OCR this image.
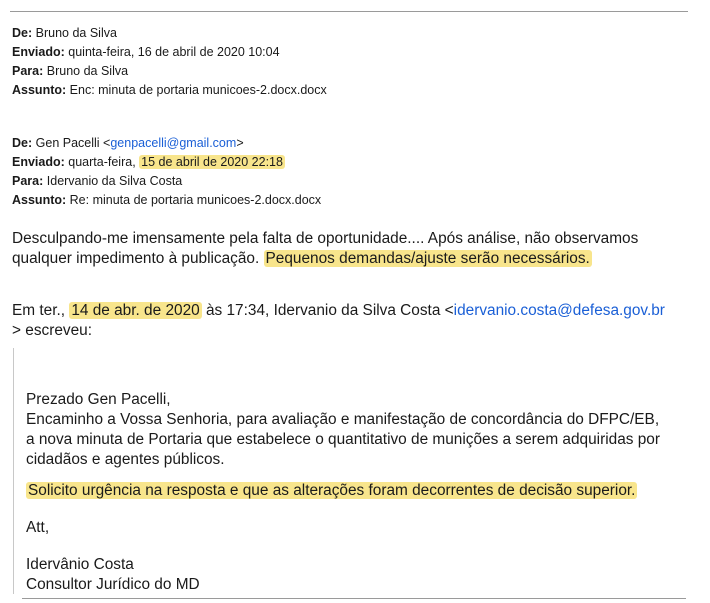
De: Bruno da Silva
Enviado: quinta-feira, 16 de abril de 2020 10:04
Para: Bruno da Silva
Assunto: Enc: minuta de portaria municoes-2.docx.docx
De: Gen Pacelli <genpacelli@gmail.com>
Enviado: quarta-feira, 15 de abril de 2020 22:18
Para: Idervanio da Silva Costa
Assunto: Re: minuta de portaria municoes-2.docx.docx
Desculpando-me imensamente pela falta de oportunidade.... Após análise, não observamos
qualquer impedimento à publicação. Pequenos demandas/ajuste serão necessários.
Em ter., 14 de abr. de 2020 às 17:34, Idervanio da Silva Costa <idervanio.costa@defesa.gov.br
> escreveu:
Prezado Gen Pacelli,
Encaminho a Vossa Senhoria, para avaliação e manifestação de concordância do DFPC/EB,
a nova minuta de Portaria que estabelece o quantitativo de munições a serem adquiridas por
cidadãos e agentes públicos.
Solicito urgência na resposta e que as alterações foram decorrentes de decisão superior.
Att,
Idervânio Costa
Consultor Jurídico do MD
